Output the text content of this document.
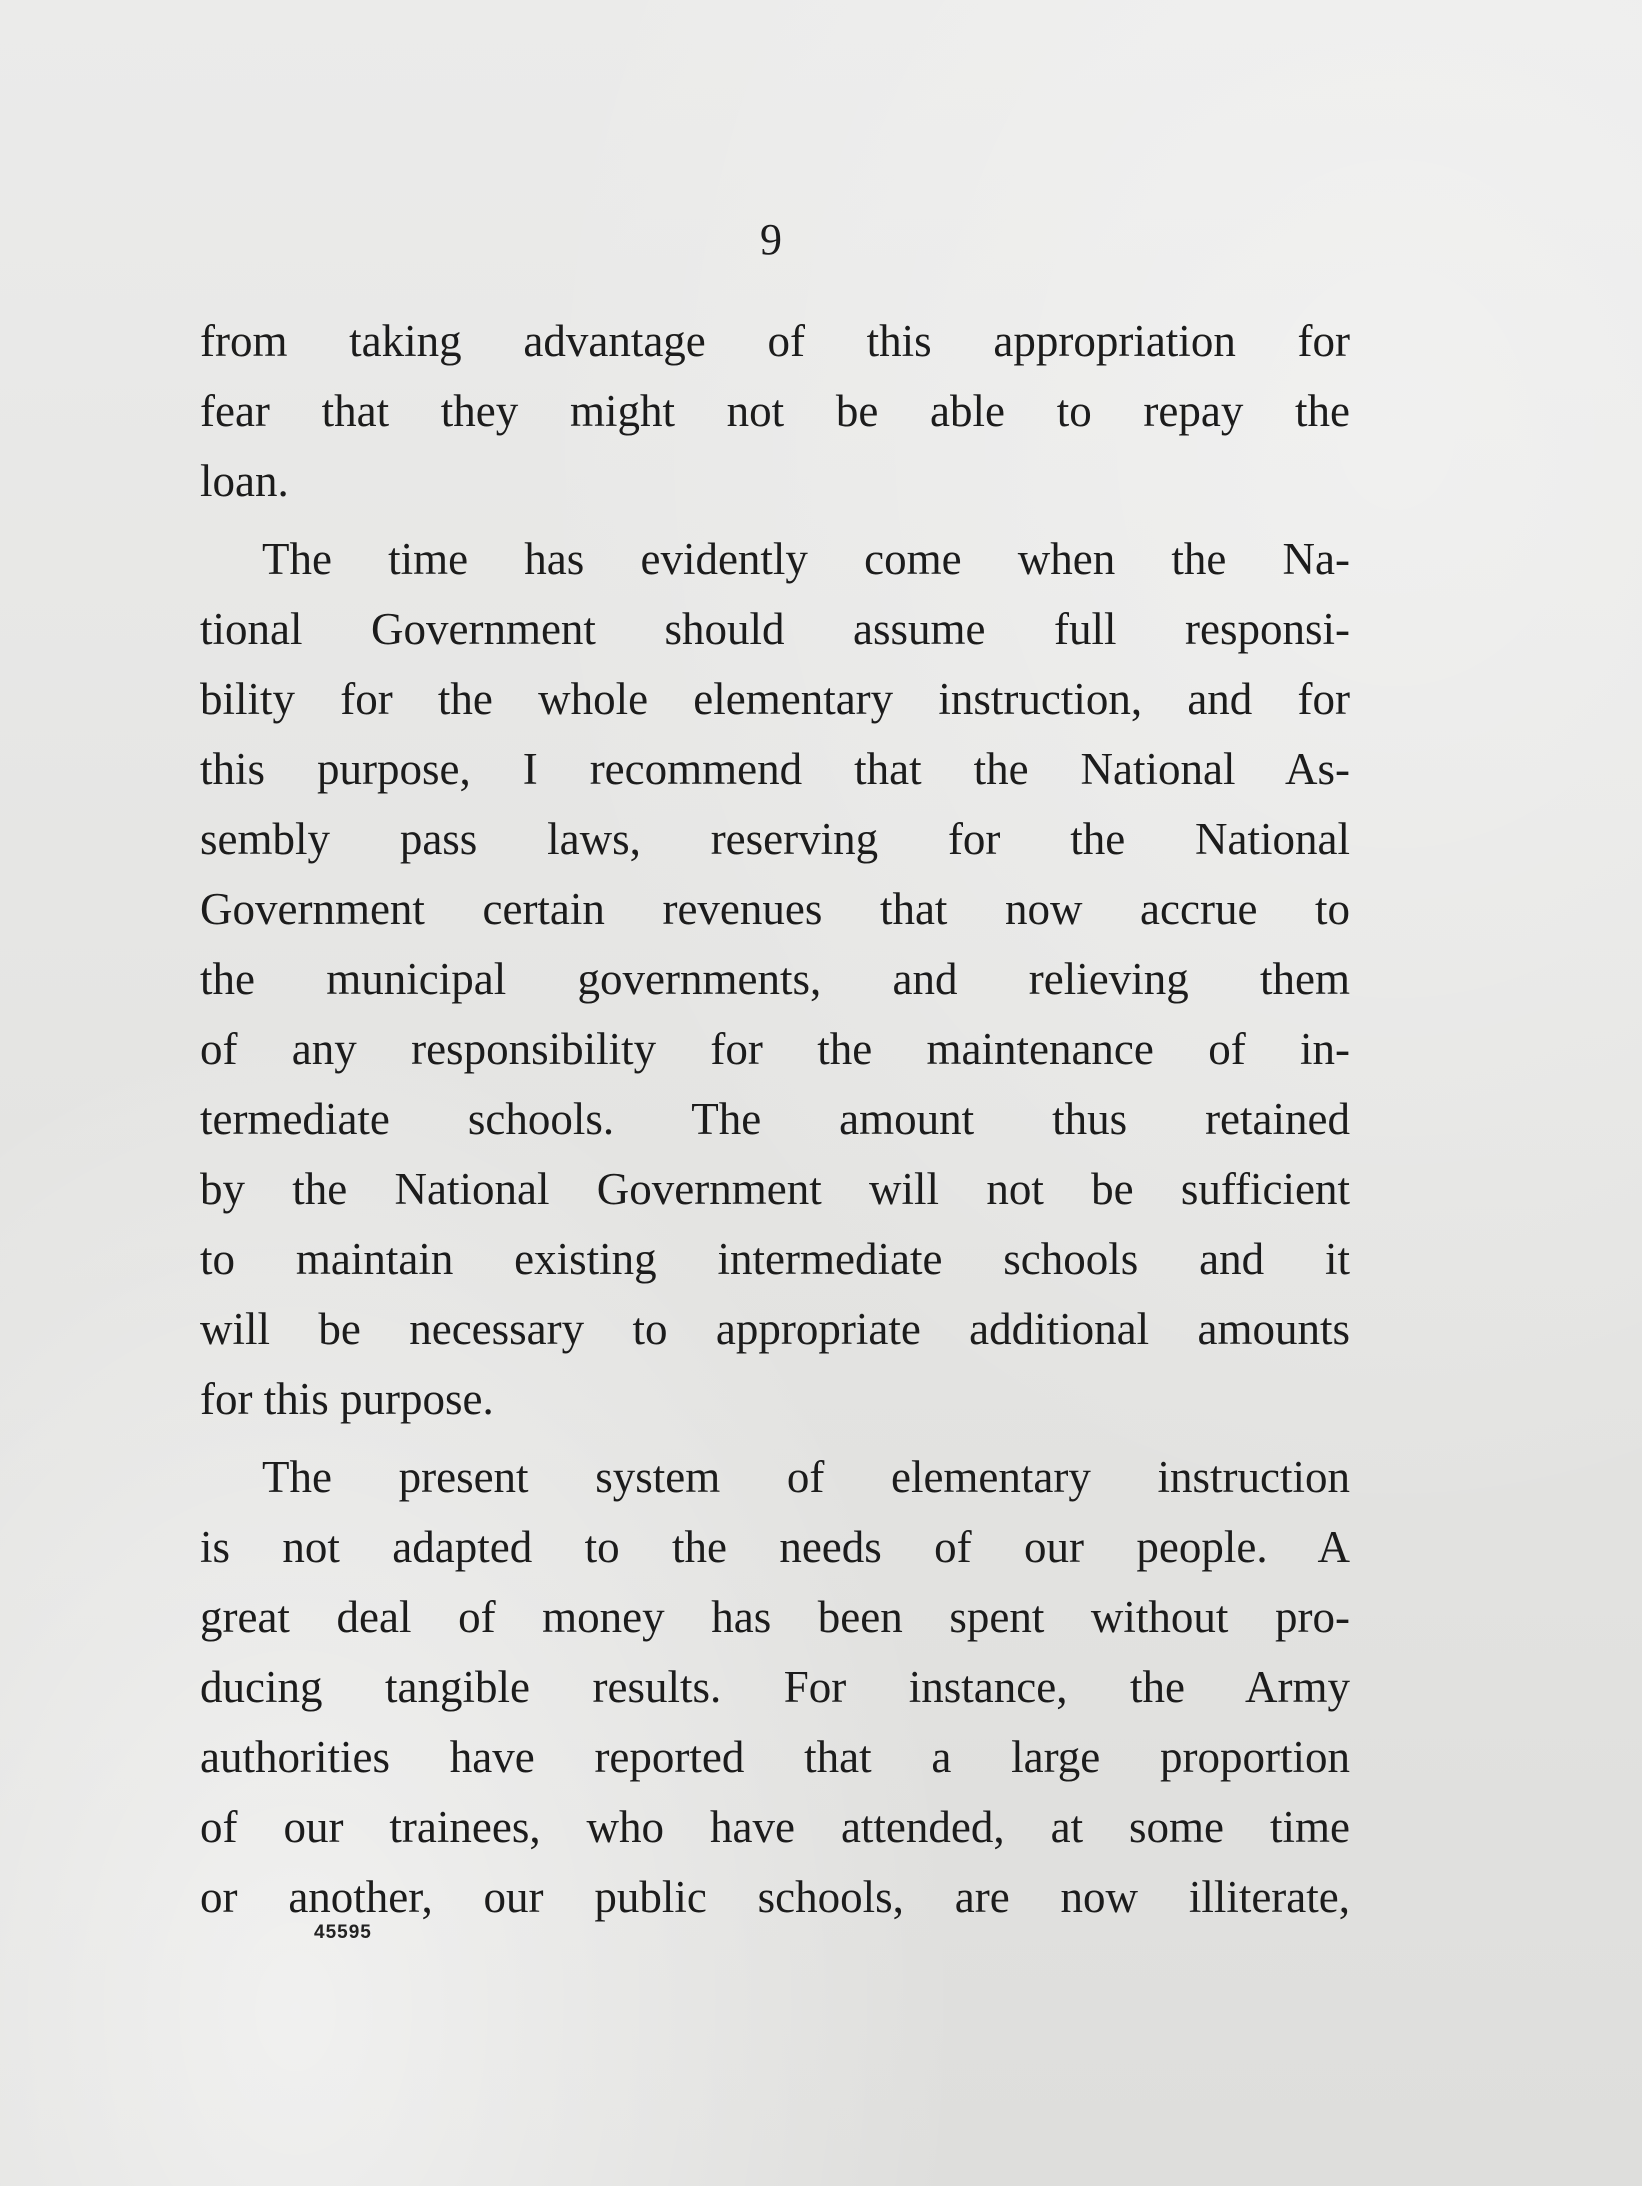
9

from taking advantage of this appropriation for
fear that they might not be able to repay the
loan.

The time has evidently come when the Na-
tional Government should assume full responsi-
bility for the whole elementary instruction, and for
this purpose, I recommend that the National As-
sembly pass laws, reserving for the National
Government certain revenues that now accrue to
the municipal governments, and relieving them
of any responsibility for the maintenance of in-
termediate schools. The amount thus retained
by the National Government will not be sufficient
to maintain existing intermediate schools and it
will be necessary to appropriate additional amounts
for this purpose.

The present system of elementary instruction
is not adapted to the needs of our people. A
great deal of money has been spent without pro-
ducing tangible results. For instance, the Army
authorities have reported that a large proportion
of our trainees, who have attended, at some time
or another, our public schools, are now illiterate,

45595
